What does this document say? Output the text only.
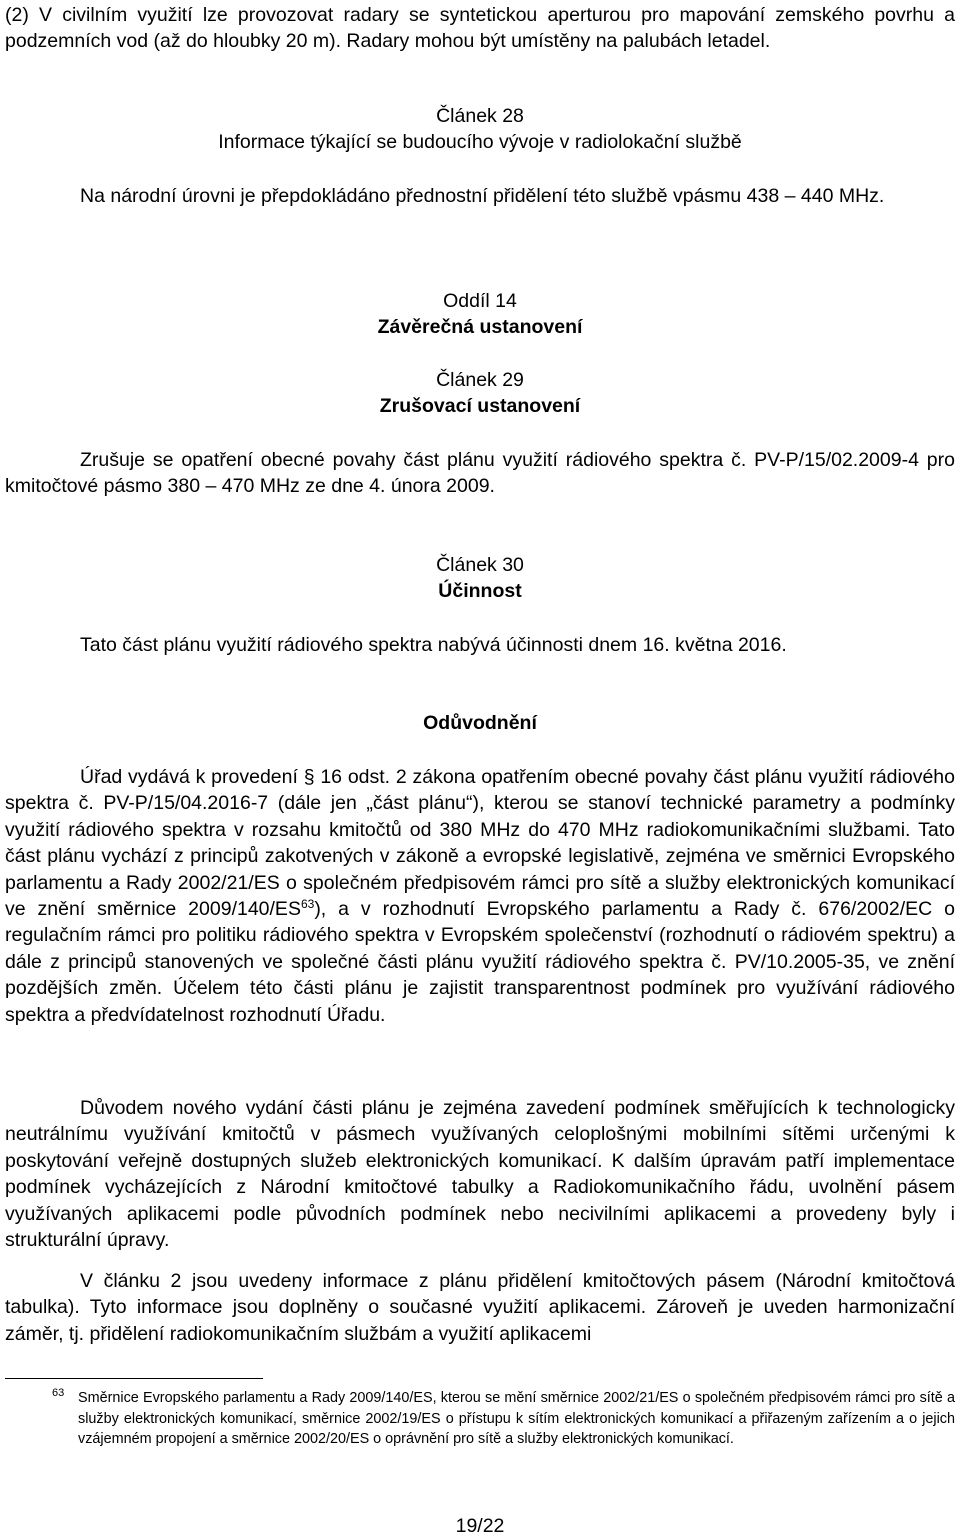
(2) V civilním využití lze provozovat radary se syntetickou aperturou pro mapování zemského povrhu a podzemních vod (až do hloubky 20 m). Radary mohou být umístěny na palubách letadel.

Článek 28

Informace týkající se budoucího vývoje v radiolokační službě

Na národní úrovni je přepdokládáno přednostní přidělení této službě vpásmu 438 – 440 MHz.

Oddíl 14

Závěrečná ustanovení

Článek 29

Zrušovací ustanovení

Zrušuje se opatření obecné povahy část plánu využití rádiového spektra č. PV-P/15/02.2009-4 pro kmitočtové pásmo 380 – 470 MHz ze dne 4. února 2009.

Článek 30

Účinnost

Tato část plánu využití rádiového spektra nabývá účinnosti dnem 16. května 2016.

Odůvodnění

Úřad vydává k provedení § 16 odst. 2 zákona opatřením obecné povahy část plánu využití rádiového spektra č. PV-P/15/04.2016-7 (dále jen „část plánu“), kterou se stanoví technické parametry a podmínky využití rádiového spektra v rozsahu kmitočtů od 380 MHz do 470 MHz radiokomunikačními službami. Tato část plánu vychází z principů zakotvených v zákoně a evropské legislativě, zejména ve směrnici Evropského parlamentu a Rady 2002/21/ES o společném předpisovém rámci pro sítě a služby elektronických komunikací ve znění směrnice 2009/140/ES$^{63}$), a v rozhodnutí Evropského parlamentu a Rady č. 676/2002/EC o regulačním rámci pro politiku rádiového spektra v Evropském společenství (rozhodnutí o rádiovém spektru) a dále z principů stanovených ve společné části plánu využití rádiového spektra č. PV/10.2005-35, ve znění pozdějších změn. Účelem této části plánu je zajistit transparentnost podmínek pro využívání rádiového spektra a předvídatelnost rozhodnutí Úřadu.

Důvodem nového vydání části plánu je zejména zavedení podmínek směřujících k technologicky neutrálnímu využívání kmitočtů v pásmech využívaných celoplošnými mobilními sítěmi určenými k poskytování veřejně dostupných služeb elektronických komunikací. K dalším úpravám patří implementace podmínek vycházejících z Národní kmitočtové tabulky a Radiokomunikačního řádu, uvolnění pásem využívaných aplikacemi podle původních podmínek nebo necivilními aplikacemi a provedeny byly i strukturální úpravy.

V článku 2 jsou uvedeny informace z plánu přidělení kmitočtových pásem (Národní kmitočtová tabulka). Tyto informace jsou doplněny o současné využití aplikacemi. Zároveň je uveden harmonizační záměr, tj. přidělení radiokomunikačním službám a využití aplikacemi

63 Směrnice Evropského parlamentu a Rady 2009/140/ES, kterou se mění směrnice 2002/21/ES o společném předpisovém rámci pro sítě a služby elektronických komunikací, směrnice 2002/19/ES o přístupu k sítím elektronických komunikací a přiřazeným zařízením a o jejich vzájemném propojení a směrnice 2002/20/ES o oprávnění pro sítě a služby elektronických komunikací.

19/22
